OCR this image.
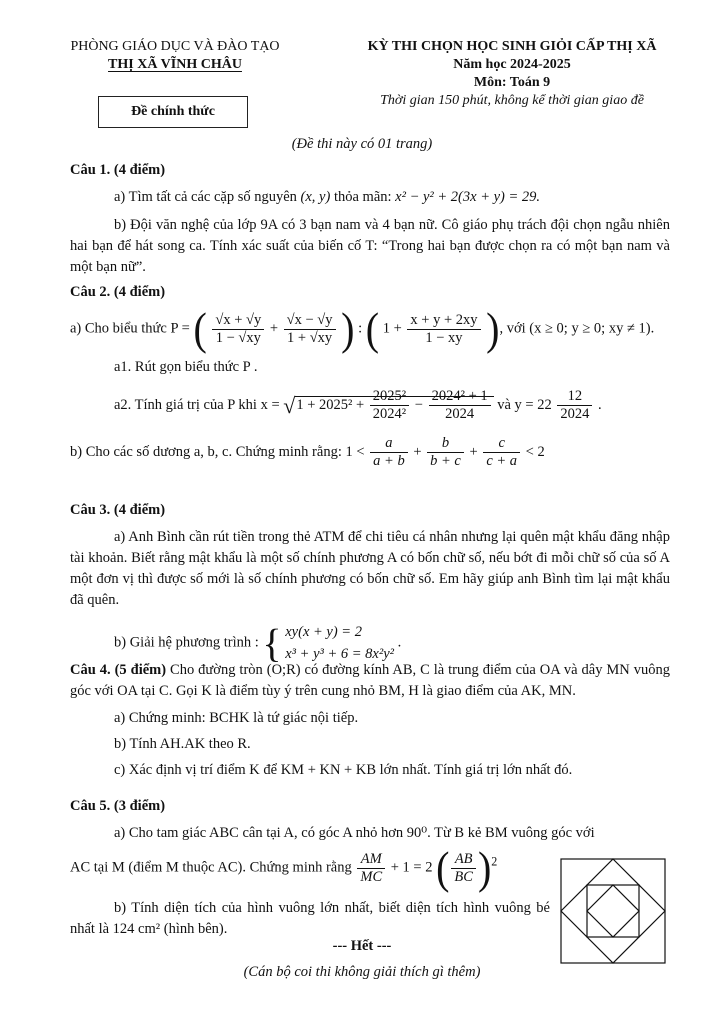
PHÒNG GIÁO DỤC VÀ ĐÀO TẠO
THỊ XÃ VĨNH CHÂU
KỲ THI CHỌN HỌC SINH GIỎI CẤP THỊ XÃ
Năm học 2024-2025
Môn: Toán 9
Thời gian 150 phút, không kể thời gian giao đề
Đề chính thức
(Đề thi này có 01 trang)
Câu 1. (4 điểm)
a) Tìm tất cả các cặp số nguyên (x, y) thỏa mãn: x² − y² + 2(3x + y) = 29.
b) Đội văn nghệ của lớp 9A có 3 bạn nam và 4 bạn nữ. Cô giáo phụ trách đội chọn ngẫu nhiên hai bạn để hát song ca. Tính xác suất của biến cố T: “Trong hai bạn được chọn ra có một bạn nam và một bạn nữ”.
Câu 2. (4 điểm)
a) Cho biểu thức P = ( $\frac{√x + √y}{1 - √xy} + \frac{√x - √y}{1 + √xy}$ ) : ( $1 + \frac{x + y + 2xy}{1 - xy}$ ), với (x ≥ 0; y ≥ 0; xy ≠ 1).
a1. Rút gọn biểu thức P .
a2. Tính giá trị của P khi $x = √1 + 2025^2 + \frac{\text{2025²}}{\text{2024²}} - \frac{\text{2024² + 1}}{2024}$ và $y = 22 \frac{12}{2024}$ .
b) Cho các số dương a, b, c. Chứng minh rằng: $1 < \frac{a}{a + b} + \frac{b}{b + c} + \frac{c}{c + a} < 2$
Câu 3. (4 điểm)
a) Anh Bình cần rút tiền trong thẻ ATM để chi tiêu cá nhân nhưng lại quên mật khẩu đăng nhập tài khoản. Biết rằng mật khẩu là một số chính phương A có bốn chữ số, nếu bớt đi mỗi chữ số của số A một đơn vị thì được số mới là số chính phương có bốn chữ số. Em hãy giúp anh Bình tìm lại mật khẩu đã quên.
b) Giải hệ phương trình : { xy(x + y) = 2
x³ + y³ + 6 = 8x²y²
.
Câu 4. (5 điểm) Cho đường tròn (O;R) có đường kính AB, C là trung điểm của OA và dây MN vuông góc với OA tại C. Gọi K là điểm tùy ý trên cung nhỏ BM, H là giao điểm của AK, MN.
a) Chứng minh: BCHK là tứ giác nội tiếp.
b) Tính AH.AK theo R.
c) Xác định vị trí điểm K để KM + KN + KB lớn nhất. Tính giá trị lớn nhất đó.
Câu 5. (3 điểm)
a) Cho tam giác ABC cân tại A, có góc A nhỏ hơn 90⁰. Từ B kẻ BM vuông góc với
AC tại M (điểm M thuộc AC). Chứng minh rằng $\frac{AM}{MC} + 1 = 2$ ( $\frac{AB}{BC} )^2$
b) Tính diện tích của hình vuông lớn nhất, biết diện tích hình vuông bé nhất là 124 cm² (hình bên).
--- Hết ---
(Cán bộ coi thi không giải thích gì thêm)
